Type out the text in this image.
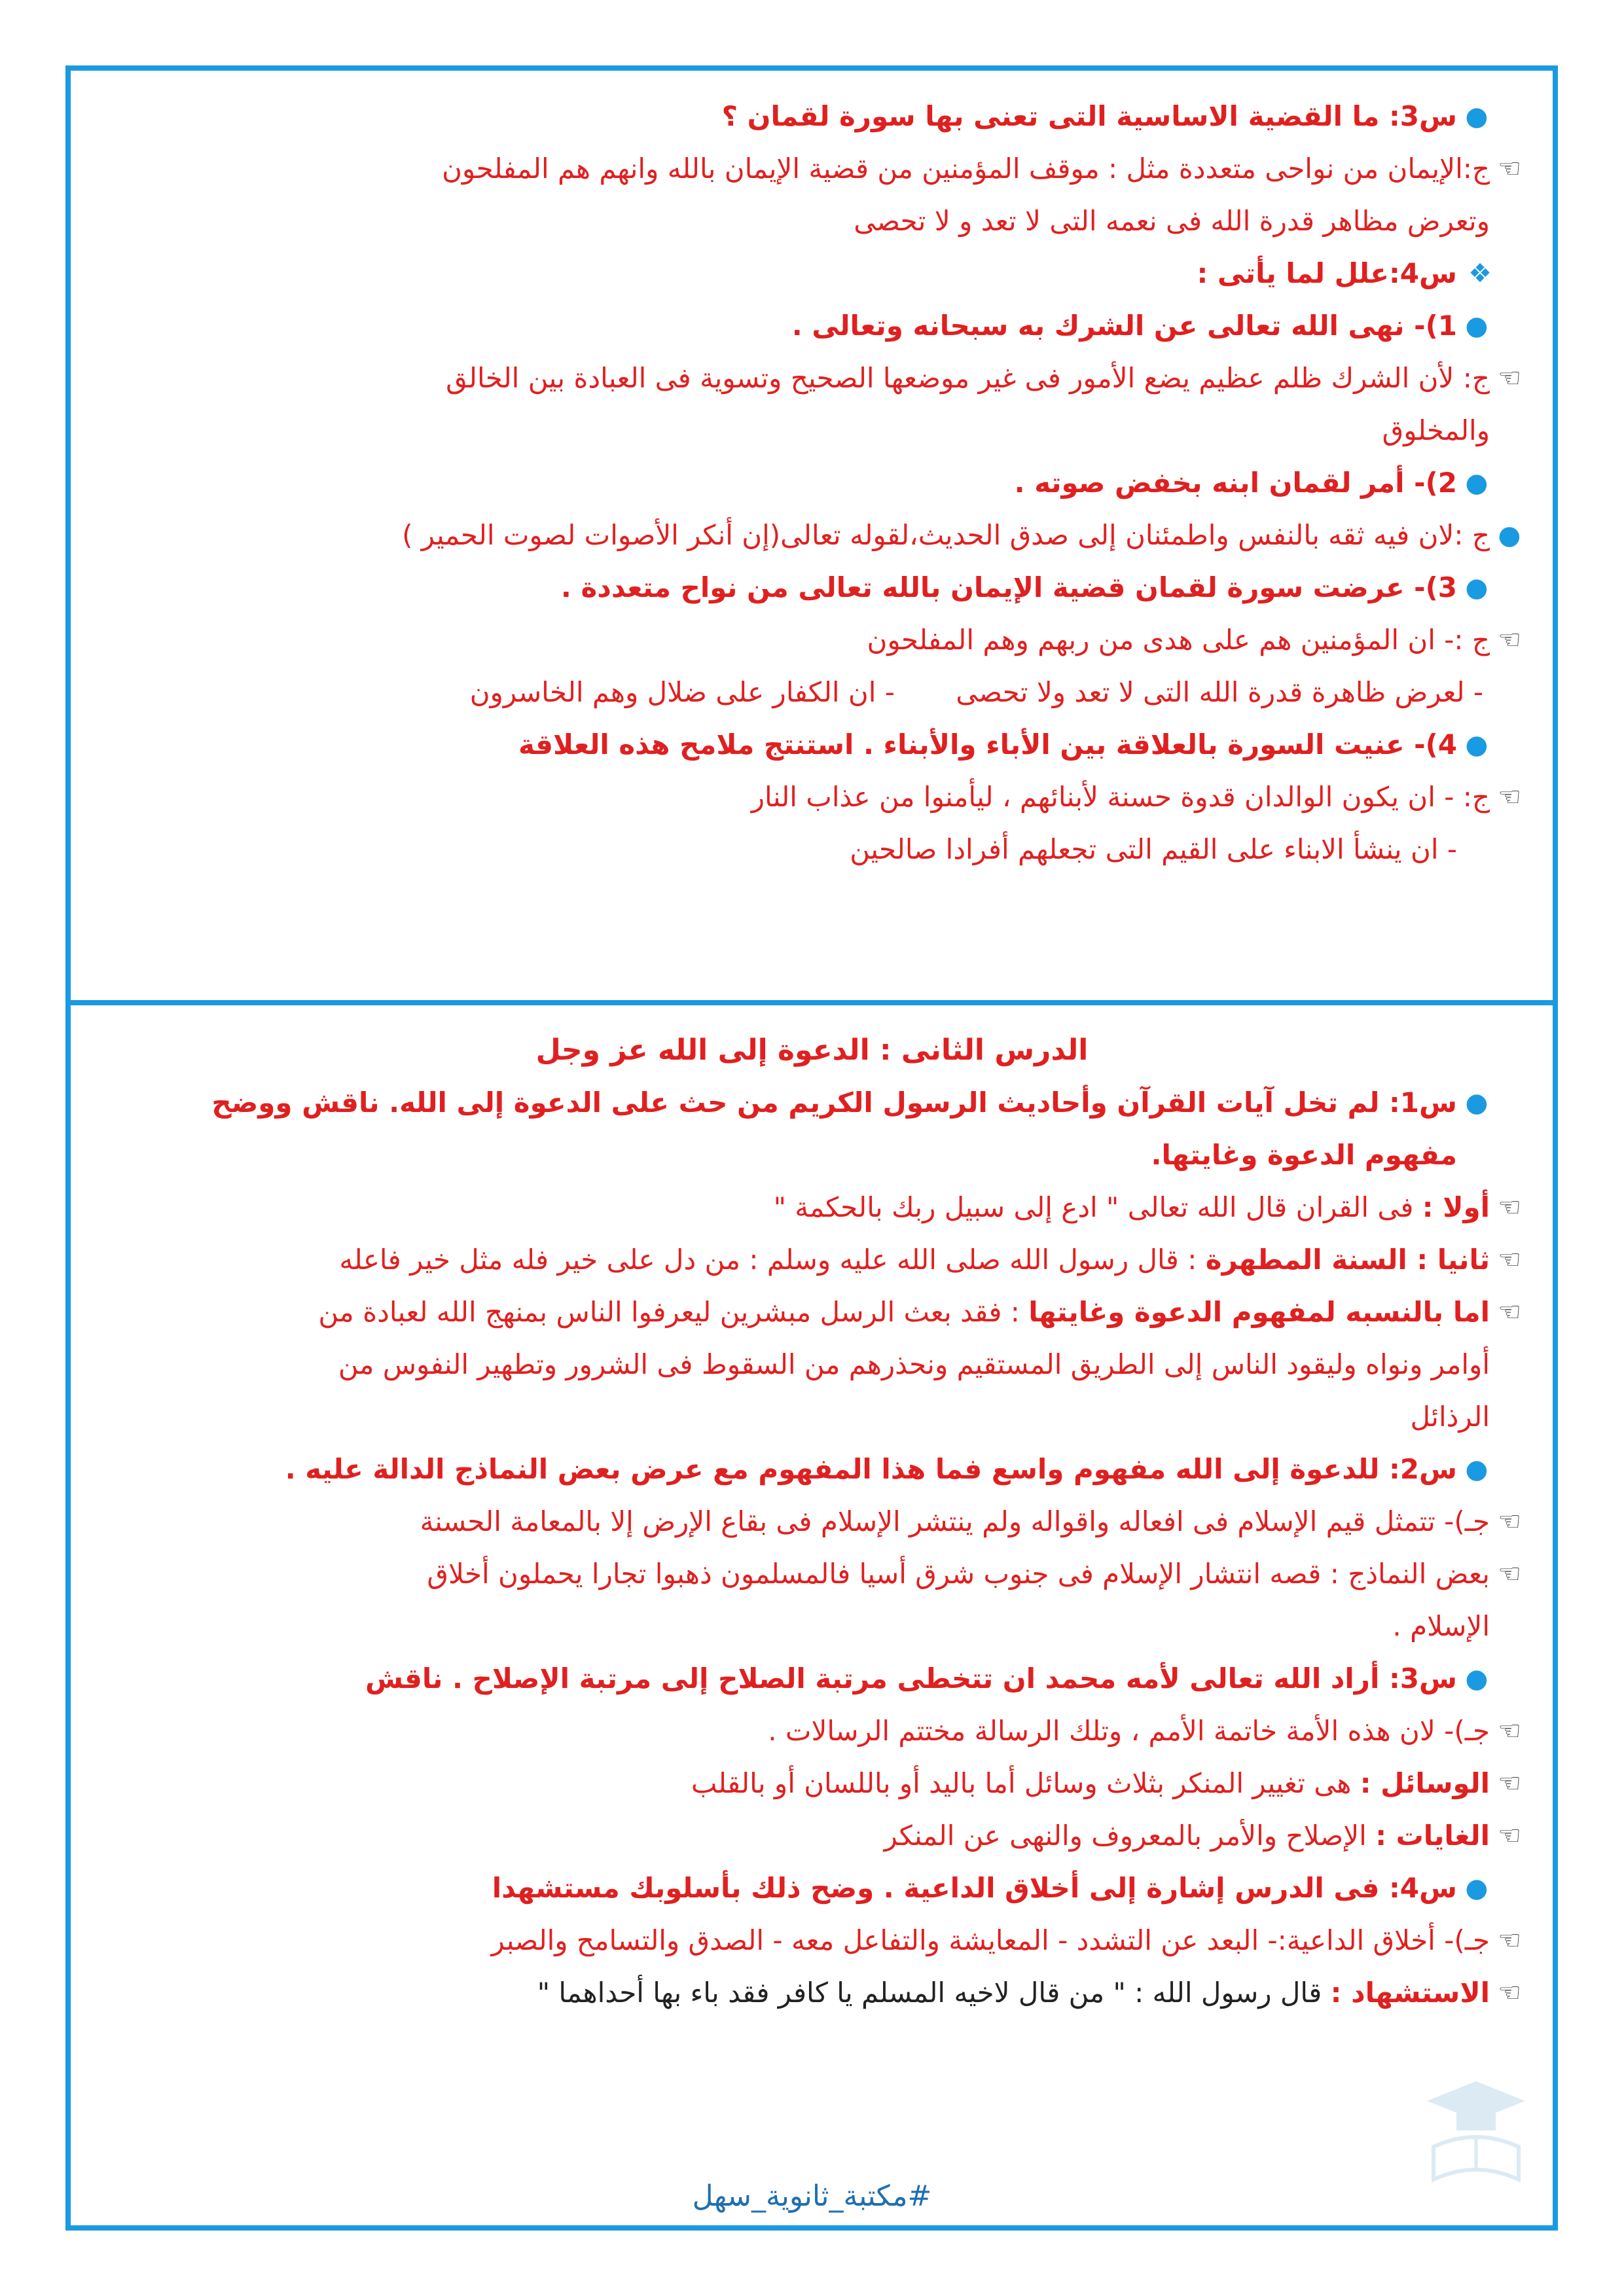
●
س3: ما القضية الاساسية التى تعنى بها سورة لقمان ؟
☜
ج:الإيمان من نواحى متعددة مثل : موقف المؤمنين من قضية الإيمان بالله وانهم هم المفلحون
وتعرض مظاهر قدرة الله فى نعمه التى لا تعد و لا تحصى
❖
س4:علل لما يأتى :
●
1)- نهى الله تعالى عن الشرك به سبحانه وتعالى .
☜
ج: لأن الشرك ظلم عظيم يضع الأمور فى غير موضعها الصحيح وتسوية فى العبادة بين الخالق
والمخلوق
●
2)- أمر لقمان ابنه بخفض صوته .
●
ج :لان فيه ثقه بالنفس واطمئنان إلى صدق الحديث،لقوله تعالى(إن أنكر الأصوات لصوت الحمير )
●
3)- عرضت سورة لقمان قضية الإيمان بالله تعالى من نواح متعددة .
☜
ج :- ان المؤمنين هم على هدى من ربهم وهم المفلحون
- لعرض ظاهرة قدرة الله التى لا تعد ولا تحصى - ان الكفار على ضلال وهم الخاسرون
●
4)- عنيت السورة بالعلاقة بين الأباء والأبناء . استنتج ملامح هذه العلاقة
☜
ج: - ان يكون الوالدان قدوة حسنة لأبنائهم ، ليأمنوا من عذاب النار
- ان ينشأ الابناء على القيم التى تجعلهم أفرادا صالحين
الدرس الثانى : الدعوة إلى الله عز وجل
●
س1: لم تخل آيات القرآن وأحاديث الرسول الكريم من حث على الدعوة إلى الله. ناقش ووضح
مفهوم الدعوة وغايتها.
☜
أولا : فى القران قال الله تعالى " ادع إلى سبيل ربك بالحكمة "
☜
ثانيا : السنة المطهرة : قال رسول الله صلى الله عليه وسلم : من دل على خير فله مثل خير فاعله
☜
اما بالنسبه لمفهوم الدعوة وغايتها : فقد بعث الرسل مبشرين ليعرفوا الناس بمنهج الله لعبادة من
أوامر ونواه وليقود الناس إلى الطريق المستقيم ونحذرهم من السقوط فى الشرور وتطهير النفوس من
الرذائل
●
س2: للدعوة إلى الله مفهوم واسع فما هذا المفهوم مع عرض بعض النماذج الدالة عليه .
☜
جـ)- تتمثل قيم الإسلام فى افعاله واقواله ولم ينتشر الإسلام فى بقاع الإرض إلا بالمعامة الحسنة
☜
بعض النماذج : قصه انتشار الإسلام فى جنوب شرق أسيا فالمسلمون ذهبوا تجارا يحملون أخلاق
الإسلام .
●
س3: أراد الله تعالى لأمه محمد ان تتخطى مرتبة الصلاح إلى مرتبة الإصلاح . ناقش
☜
جـ)- لان هذه الأمة خاتمة الأمم ، وتلك الرسالة مختتم الرسالات .
☜
الوسائل : هى تغيير المنكر بثلاث وسائل أما باليد أو باللسان أو بالقلب
☜
الغايات : الإصلاح والأمر بالمعروف والنهى عن المنكر
●
س4: فى الدرس إشارة إلى أخلاق الداعية . وضح ذلك بأسلوبك مستشهدا
☜
جـ)- أخلاق الداعية:- البعد عن التشدد - المعايشة والتفاعل معه - الصدق والتسامح والصبر
☜
الاستشهاد : قال رسول الله : " من قال لاخيه المسلم يا كافر فقد باء بها أحداهما "
#مكتبة_ثانوية_سهل
